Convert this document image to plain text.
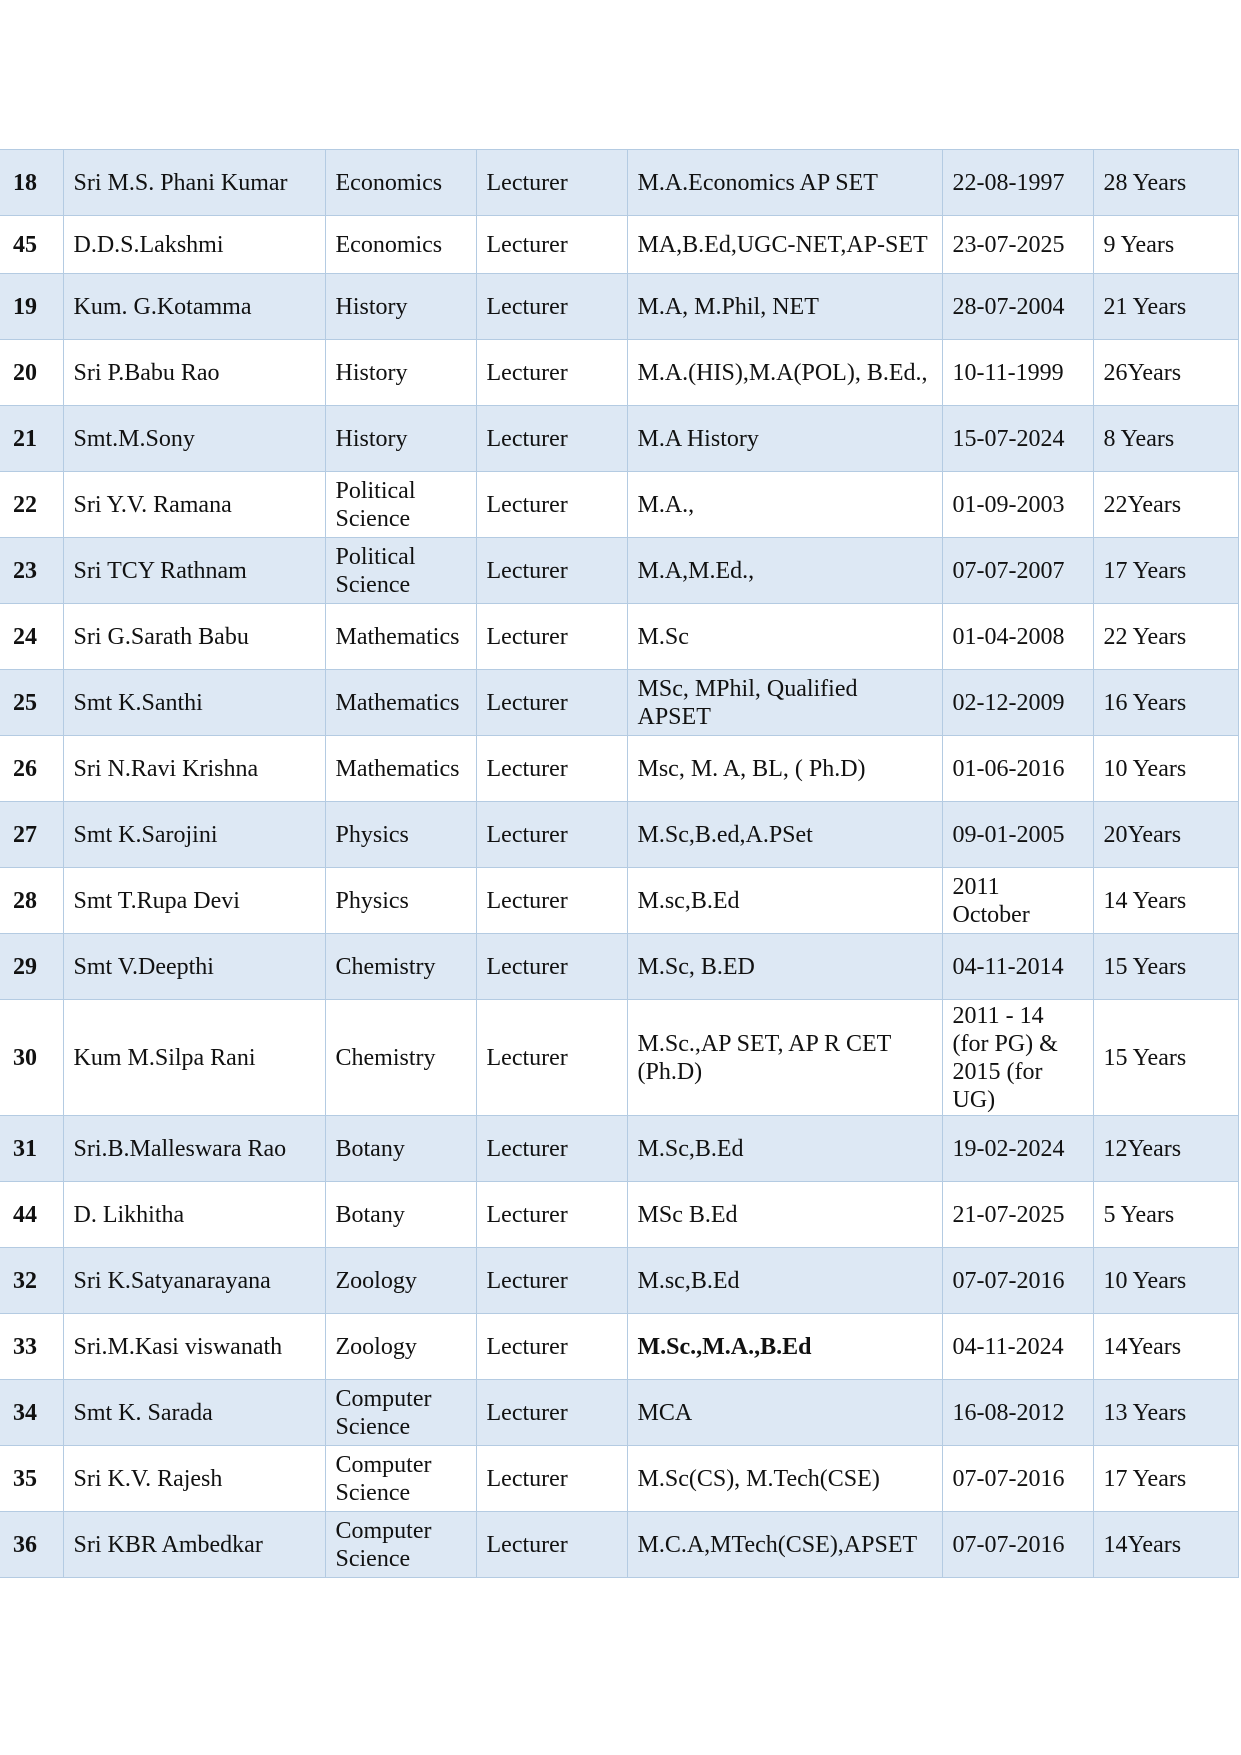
18	Sri M.S. Phani Kumar	Economics	Lecturer	M.A.Economics AP SET	22-08-1997	28 Years
45	D.D.S.Lakshmi	Economics	Lecturer	MA,B.Ed,UGC-NET,AP-SET	23-07-2025	9 Years
19	Kum. G.Kotamma	History	Lecturer	M.A, M.Phil, NET	28-07-2004	21 Years
20	Sri P.Babu Rao	History	Lecturer	M.A.(HIS),M.A(POL), B.Ed.,	10-11-1999	26Years
21	Smt.M.Sony	History	Lecturer	M.A History	15-07-2024	8 Years
22	Sri Y.V. Ramana	Political Science	Lecturer	M.A.,	01-09-2003	22Years
23	Sri TCY Rathnam	Political Science	Lecturer	M.A,M.Ed.,	07-07-2007	17 Years
24	Sri G.Sarath Babu	Mathematics	Lecturer	M.Sc	01-04-2008	22 Years
25	Smt K.Santhi	Mathematics	Lecturer	MSc, MPhil, Qualified APSET	02-12-2009	16 Years
26	Sri N.Ravi Krishna	Mathematics	Lecturer	Msc, M. A, BL, ( Ph.D)	01-06-2016	10 Years
27	Smt K.Sarojini	Physics	Lecturer	M.Sc,B.ed,A.PSet	09-01-2005	20Years
28	Smt T.Rupa Devi	Physics	Lecturer	M.sc,B.Ed	2011 October	14 Years
29	Smt V.Deepthi	Chemistry	Lecturer	M.Sc, B.ED	04-11-2014	15 Years
30	Kum M.Silpa Rani	Chemistry	Lecturer	M.Sc.,AP SET, AP R CET (Ph.D)	2011 - 14 (for PG) & 2015 (for UG)	15 Years
31	Sri.B.Malleswara Rao	Botany	Lecturer	M.Sc,B.Ed	19-02-2024	12Years
44	D. Likhitha	Botany	Lecturer	MSc B.Ed	21-07-2025	5 Years
32	Sri K.Satyanarayana	Zoology	Lecturer	M.sc,B.Ed	07-07-2016	10 Years
33	Sri.M.Kasi viswanath	Zoology	Lecturer	M.Sc.,M.A.,B.Ed	04-11-2024	14Years
34	Smt K. Sarada	Computer Science	Lecturer	MCA	16-08-2012	13 Years
35	Sri K.V. Rajesh	Computer Science	Lecturer	M.Sc(CS), M.Tech(CSE)	07-07-2016	17 Years
36	Sri KBR Ambedkar	Computer Science	Lecturer	M.C.A,MTech(CSE),APSET	07-07-2016	14Years
